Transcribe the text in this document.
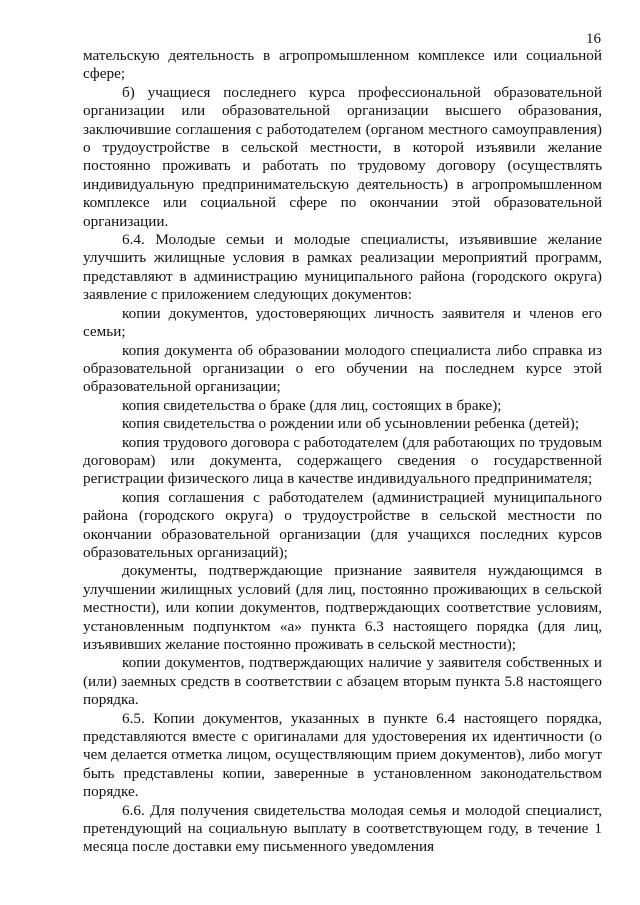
16

мательскую деятельность в агропромышленном комплексе или социальной сфере;

б) учащиеся последнего курса профессиональной образовательной организации или образовательной организации высшего образования, заключившие соглашения с работодателем (органом местного самоуправления) о трудоустройстве в сельской местности, в которой изъявили желание постоянно проживать и работать по трудовому договору (осуществлять индивидуальную предпринимательскую деятельность) в агропромышленном комплексе или социальной сфере по окончании этой образовательной организации.

6.4. Молодые семьи и молодые специалисты, изъявившие желание улучшить жилищные условия в рамках реализации мероприятий программ, представляют в администрацию муниципального района (городского округа) заявление с приложением следующих документов:

копии документов, удостоверяющих личность заявителя и членов его семьи;

копия документа об образовании молодого специалиста либо справка из образовательной организации о его обучении на последнем курсе этой образовательной организации;

копия свидетельства о браке (для лиц, состоящих в браке);

копия свидетельства о рождении или об усыновлении ребенка (детей);

копия трудового договора с работодателем (для работающих по трудовым договорам) или документа, содержащего сведения о государственной регистрации физического лица в качестве индивидуального предпринимателя;

копия соглашения с работодателем (администрацией муниципального района (городского округа) о трудоустройстве в сельской местности по окончании образовательной организации (для учащихся последних курсов образовательных организаций);

документы, подтверждающие признание заявителя нуждающимся в улучшении жилищных условий (для лиц, постоянно проживающих в сельской местности), или копии документов, подтверждающих соответствие условиям, установленным подпунктом «а» пункта 6.3 настоящего порядка (для лиц, изъявивших желание постоянно проживать в сельской местности);

копии документов, подтверждающих наличие у заявителя собственных и (или) заемных средств в соответствии с абзацем вторым пункта 5.8 настоящего порядка.

6.5. Копии документов, указанных в пункте 6.4 настоящего порядка, представляются вместе с оригиналами для удостоверения их идентичности (о чем делается отметка лицом, осуществляющим прием документов), либо могут быть представлены копии, заверенные в установленном законодательством порядке.

6.6. Для получения свидетельства молодая семья и молодой специалист, претендующий на социальную выплату в соответствующем году, в течение 1 месяца после доставки ему письменного уведомления
